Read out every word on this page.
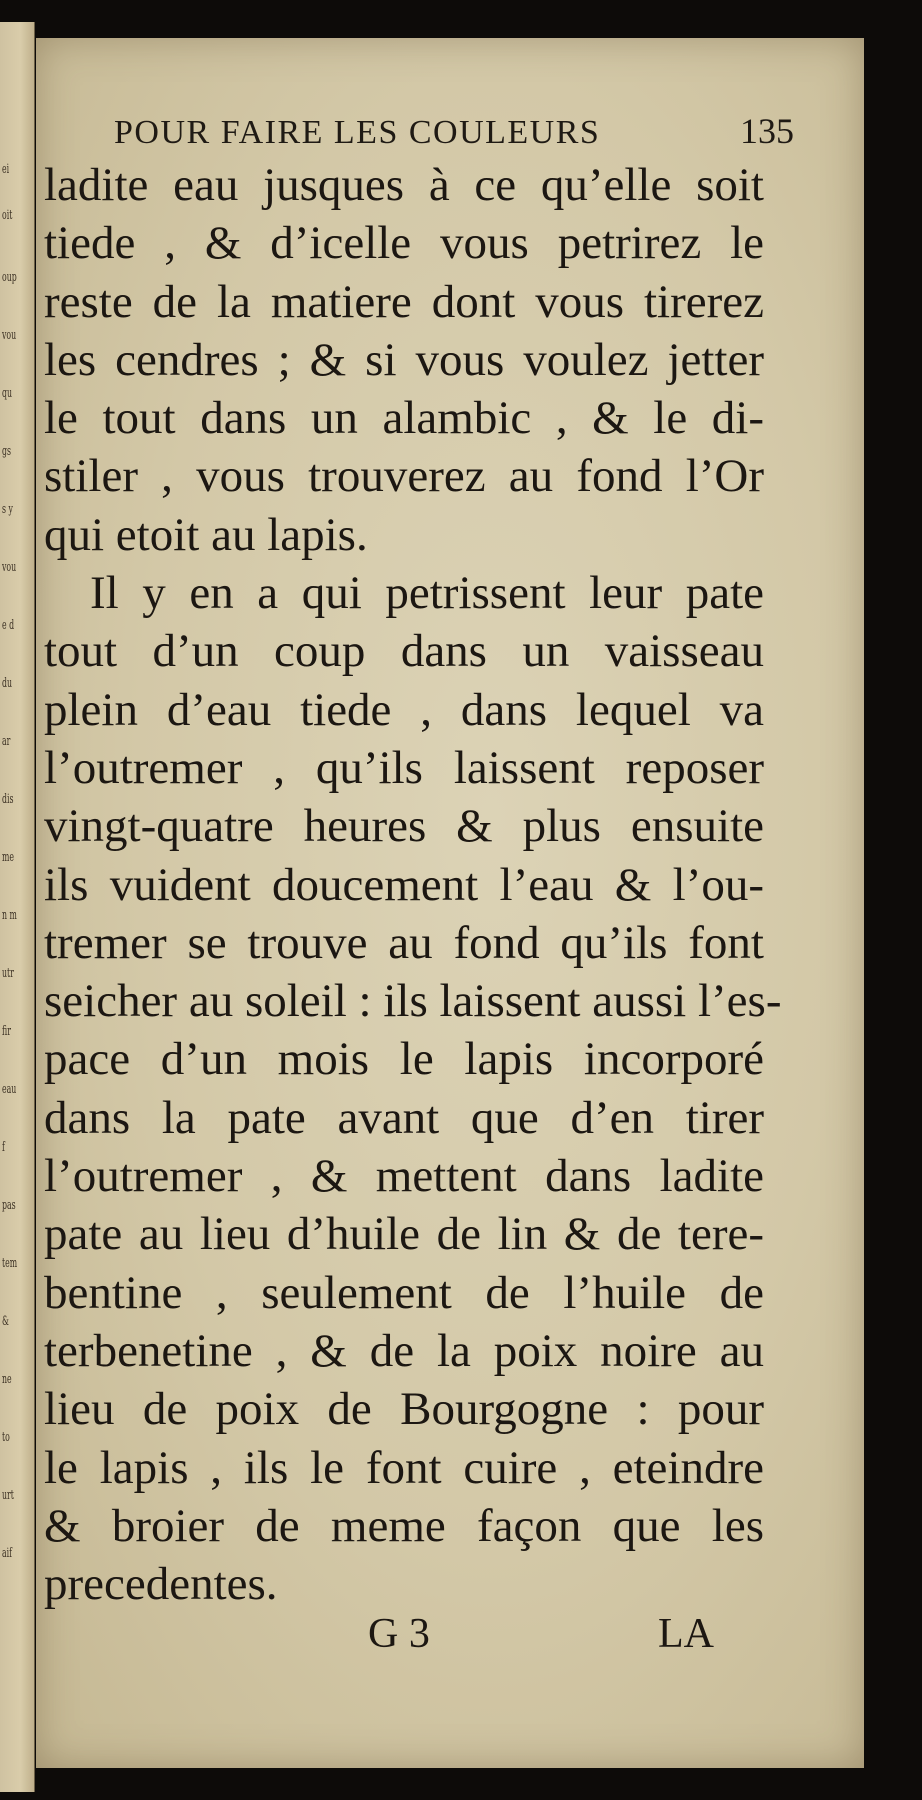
ei
oit
oup
vou
qu
gs
s y
vou
e d
du
ar
dis
me
n m
utr
fir
eau
f
pas
tem
&
ne
to
urt
aif
POUR FAIRE LES COULEURS	135
ladite eau jusques à ce qu’elle soit
tiede , & d’icelle vous petrirez le
reste de la matiere dont vous tirerez
les cendres ; & si vous voulez jetter
le tout dans un alambic , & le di-
stiler , vous trouverez au fond l’Or
qui etoit au lapis.
Il y en a qui petrissent leur pate
tout d’un coup dans un vaisseau
plein d’eau tiede , dans lequel va
l’outremer , qu’ils laissent reposer
vingt-quatre heures & plus ensuite
ils vuident doucement l’eau & l’ou-
tremer se trouve au fond qu’ils font
seicher au soleil : ils laissent aussi l’es-
pace d’un mois le lapis incorporé
dans la pate avant que d’en tirer
l’outremer , & mettent dans ladite
pate au lieu d’huile de lin & de tere-
bentine , seulement de l’huile de
terbenetine , & de la poix noire au
lieu de poix de Bourgogne : pour
le lapis , ils le font cuire , eteindre
& broier de meme façon que les
precedentes.
G 3	LA
